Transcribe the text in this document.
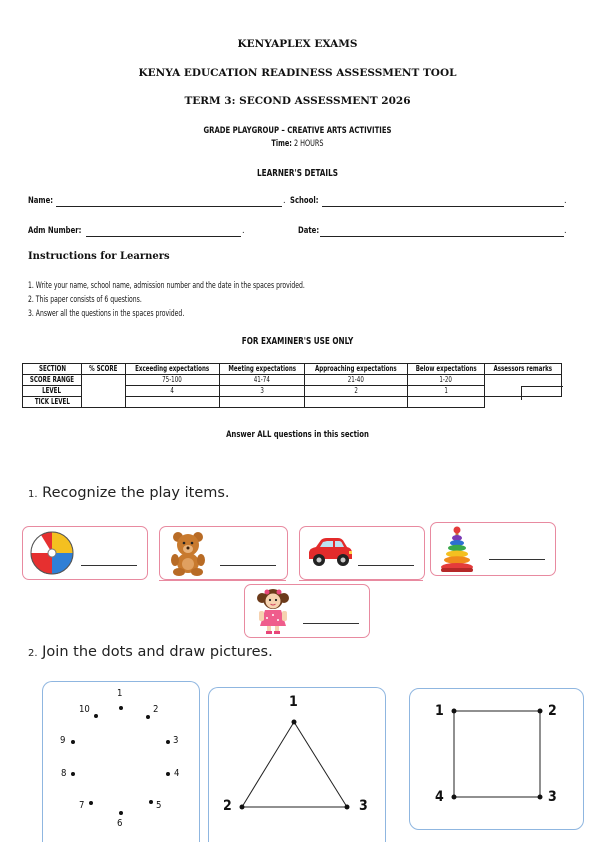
KENYAPLEX EXAMS
KENYA EDUCATION READINESS ASSESSMENT TOOL
TERM 3: SECOND ASSESSMENT 2026
GRADE PLAYGROUP – CREATIVE ARTS ACTIVITIES
Time: 2 HOURS
LEARNER'S DETAILS
Name:	. School:	.
Adm Number:	.	Date:	.
Instructions for Learners
1. Write your name, school name, admission number and the date in the spaces provided.
2. This paper consists of 6 questions.
3. Answer all the questions in the spaces provided.
FOR EXAMINER'S USE ONLY
SECTION	% SCORE	Exceeding expectations	Meeting expectations	Approaching expectations	Below expectations	Assessors remarks
SCORE RANGE		75-100	41-74	21-40	1-20	
LEVEL		4	3	2	1	
TICK LEVEL						
Answer ALL questions in this section
1. Recognize the play items.
2. Join the dots and draw pictures.
1
2
3
4
5
6
7
8
9
10	1
2	3
1	2
3
4
